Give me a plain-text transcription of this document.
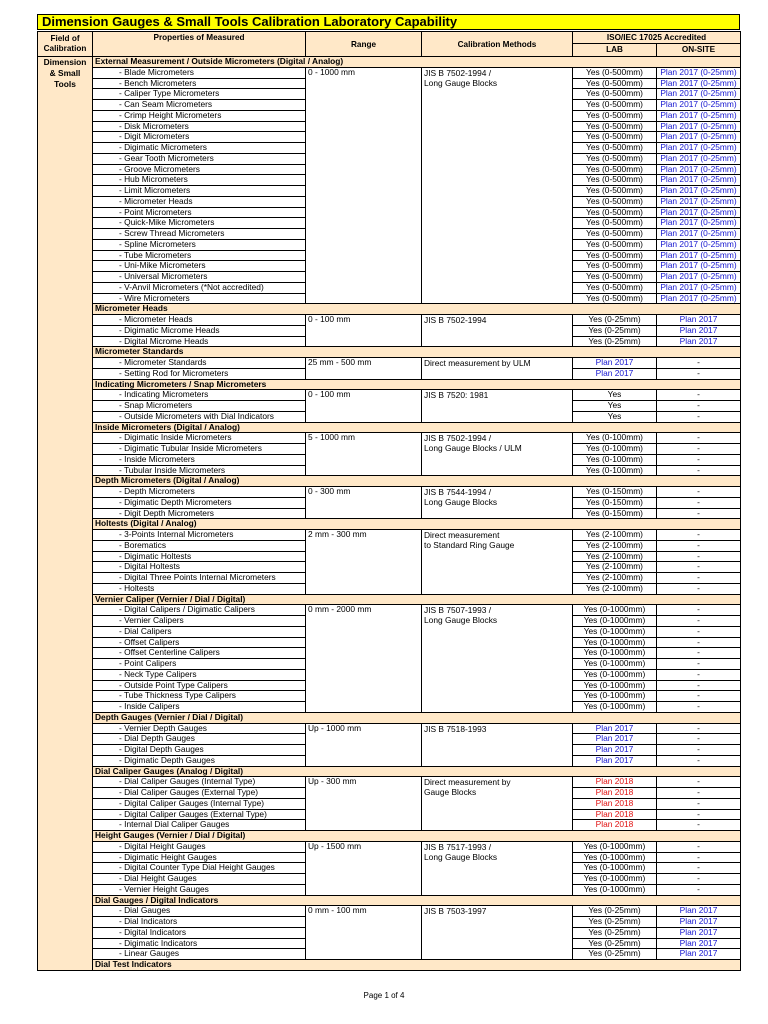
Dimension Gauges & Small Tools Calibration Laboratory Capability
Field of Calibration	Properties of Measured	Range	Calibration Methods	ISO/IEC 17025 Accredited	
				LAB	ON-SITE
Dimension & Small Tools	External Measurement / Outside Micrometers (Digital / Analog)				
	- Blade Micrometers	0 - 1000 mm	JIS B 7502-1994 /
Long Gauge Blocks	Yes (0-500mm)	Plan 2017 (0-25mm)
	- Bench Micrometers			Yes (0-500mm)	Plan 2017 (0-25mm)
	- Caliper Type Micrometers			Yes (0-500mm)	Plan 2017 (0-25mm)
	- Can Seam Micrometers			Yes (0-500mm)	Plan 2017 (0-25mm)
	- Crimp Height Micrometers			Yes (0-500mm)	Plan 2017 (0-25mm)
	- Disk Micrometers			Yes (0-500mm)	Plan 2017 (0-25mm)
	- Digit Micrometers			Yes (0-500mm)	Plan 2017 (0-25mm)
	- Digimatic Micrometers			Yes (0-500mm)	Plan 2017 (0-25mm)
	- Gear Tooth Micrometers			Yes (0-500mm)	Plan 2017 (0-25mm)
	- Groove Micrometers			Yes (0-500mm)	Plan 2017 (0-25mm)
	- Hub Micrometers			Yes (0-500mm)	Plan 2017 (0-25mm)
	- Limit Micrometers			Yes (0-500mm)	Plan 2017 (0-25mm)
	- Micrometer Heads			Yes (0-500mm)	Plan 2017 (0-25mm)
	- Point Micrometers			Yes (0-500mm)	Plan 2017 (0-25mm)
	- Quick-Mike Micrometers			Yes (0-500mm)	Plan 2017 (0-25mm)
	- Screw Thread Micrometers			Yes (0-500mm)	Plan 2017 (0-25mm)
	- Spline Micrometers			Yes (0-500mm)	Plan 2017 (0-25mm)
	- Tube Micrometers			Yes (0-500mm)	Plan 2017 (0-25mm)
	- Uni-Mike Micrometers			Yes (0-500mm)	Plan 2017 (0-25mm)
	- Universal Micrometers			Yes (0-500mm)	Plan 2017 (0-25mm)
	- V-Anvil Micrometers (*Not accredited)			Yes (0-500mm)	Plan 2017 (0-25mm)
	- Wire Micrometers			Yes (0-500mm)	Plan 2017 (0-25mm)
	Micrometer Heads				
	- Micrometer Heads	0 - 100 mm	JIS B 7502-1994	Yes (0-25mm)	Plan 2017
	- Digimatic Microme Heads			Yes (0-25mm)	Plan 2017
	- Digital Microme Heads			Yes (0-25mm)	Plan 2017
	Micrometer Standards				
	- Micrometer Standards	25 mm - 500 mm	Direct measurement by ULM	Plan 2017	-
	- Setting Rod for Micrometers			Plan 2017	-
	Indicating Micrometers / Snap Micrometers				
	- Indicating Micrometers	0 - 100 mm	JIS B 7520: 1981	Yes	-
	- Snap Micrometers			Yes	-
	- Outside Micrometers with Dial Indicators			Yes	-
	Inside Micrometers (Digital / Analog)				
	- Digimatic Inside Micrometers	5 - 1000 mm	JIS B 7502-1994 /
Long Gauge Blocks / ULM	Yes (0-100mm)	-
	- Digimatic Tubular Inside Micrometers			Yes (0-100mm)	-
	- Inside Micrometers			Yes (0-100mm)	-
	- Tubular Inside Micrometers			Yes (0-100mm)	-
	Depth Micrometers (Digital / Analog)				
	- Depth Micrometers	0 - 300 mm	JIS B 7544-1994 /
Long Gauge Blocks	Yes (0-150mm)	-
	- Digimatic Depth Micrometers			Yes (0-150mm)	-
	- Digit Depth Micrometers			Yes (0-150mm)	-
	Holtests (Digital / Analog)				
	- 3-Points Internal Micrometers	2 mm - 300 mm	Direct measurement
to Standard Ring Gauge	Yes (2-100mm)	-
	- Borematics			Yes (2-100mm)	-
	- Digimatic Holtests			Yes (2-100mm)	-
	- Digital Holtests			Yes (2-100mm)	-
	- Digital Three Points Internal Micrometers			Yes (2-100mm)	-
	- Holtests			Yes (2-100mm)	-
	Vernier Caliper (Vernier / Dial / Digital)				
	- Digital Calipers / Digimatic Calipers	0 mm - 2000 mm	JIS B 7507-1993 /
Long Gauge Blocks	Yes (0-1000mm)	-
	- Vernier Calipers			Yes (0-1000mm)	-
	- Dial Calipers			Yes (0-1000mm)	-
	- Offset Calipers			Yes (0-1000mm)	-
	- Offset Centerline Calipers			Yes (0-1000mm)	-
	- Point Calipers			Yes (0-1000mm)	-
	- Neck Type Calipers			Yes (0-1000mm)	-
	- Outside Point Type Calipers			Yes (0-1000mm)	-
	- Tube Thickness Type Calipers			Yes (0-1000mm)	-
	- Inside Calipers			Yes (0-1000mm)	-
	Depth Gauges (Vernier / Dial / Digital)				
	- Vernier Depth Gauges	Up - 1000 mm	JIS B 7518-1993	Plan 2017	-
	- Dial Depth Gauges			Plan 2017	-
	- Digital Depth Gauges			Plan 2017	-
	- Digimatic Depth Gauges			Plan 2017	-
	Dial Caliper Gauges (Analog / Digital)				
	- Dial Caliper Gauges (Internal Type)	Up - 300 mm	Direct measurement by
Gauge Blocks	Plan 2018	-
	- Dial Caliper Gauges (External Type)			Plan 2018	-
	- Digital Caliper Gauges (Internal Type)			Plan 2018	-
	- Digital Caliper Gauges (External Type)			Plan 2018	-
	- Internal Dial Caliper Gauges			Plan 2018	-
	Height Gauges (Vernier / Dial / Digital)				
	- Digital Height Gauges	Up - 1500 mm	JIS B 7517-1993 /
Long Gauge Blocks	Yes (0-1000mm)	-
	- Digimatic Height Gauges			Yes (0-1000mm)	-
	- Digital Counter Type Dial Height Gauges			Yes (0-1000mm)	-
	- Dial Height Gauges			Yes (0-1000mm)	-
	- Vernier Height Gauges			Yes (0-1000mm)	-
	Dial Gauges / Digital Indicators				
	- Dial Gauges	0 mm - 100 mm	JIS B 7503-1997	Yes (0-25mm)	Plan 2017
	- Dial Indicators			Yes (0-25mm)	Plan 2017
	- Digital Indicators			Yes (0-25mm)	Plan 2017
	- Digimatic Indicators			Yes (0-25mm)	Plan 2017
	- Linear Gauges			Yes (0-25mm)	Plan 2017
	Dial Test Indicators				
Page 1 of 4
